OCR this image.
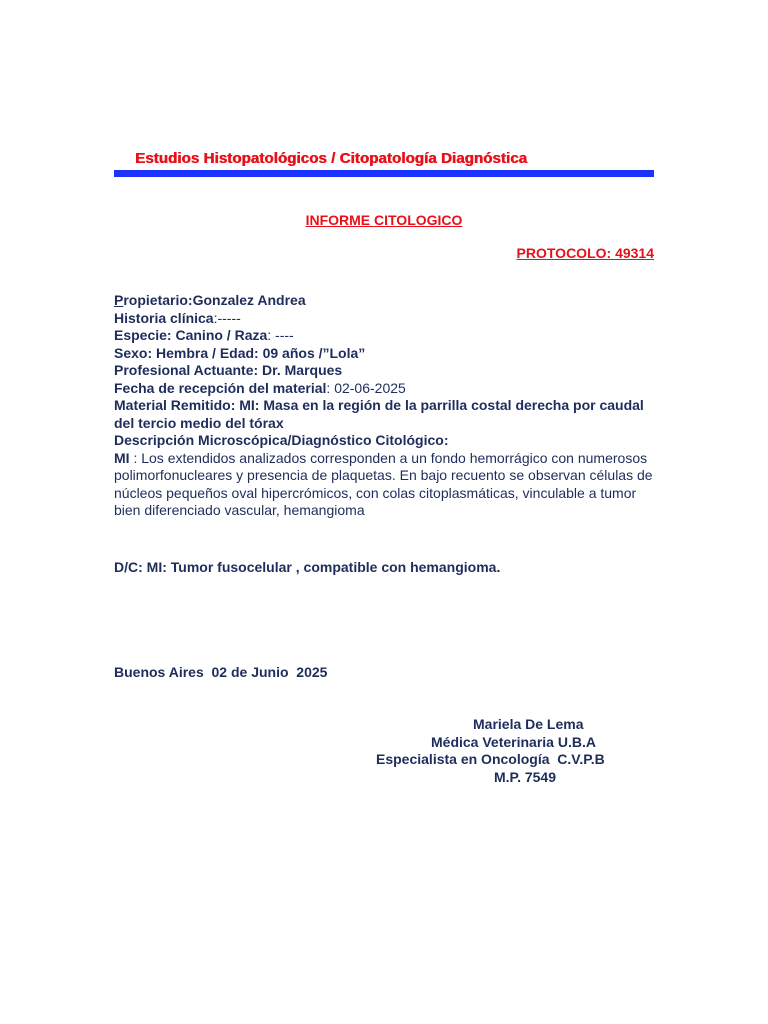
Estudios Histopatológicos / Citopatología Diagnóstica
INFORME CITOLOGICO
PROTOCOLO: 49314
Propietario:Gonzalez Andrea
Historia clínica:-----
Especie: Canino / Raza: ----
Sexo: Hembra / Edad: 09 años /”Lola”
Profesional Actuante: Dr. Marques
Fecha de recepción del material: 02-06-2025
Material Remitido: MI: Masa en la región de la parrilla costal derecha por caudal del tercio medio del tórax
Descripción Microscópica/Diagnóstico Citológico:
MI : Los extendidos analizados corresponden a un fondo hemorrágico con numerosos polimorfonucleares y presencia de plaquetas. En bajo recuento se observan células de núcleos pequeños oval hipercrómicos, con colas citoplasmáticas, vinculable a tumor bien diferenciado vascular, hemangioma
D/C: MI: Tumor fusocelular , compatible con hemangioma.
Buenos Aires  02 de Junio  2025
Mariela De Lema
Médica Veterinaria U.B.A
Especialista en Oncología  C.V.P.B
M.P. 7549
